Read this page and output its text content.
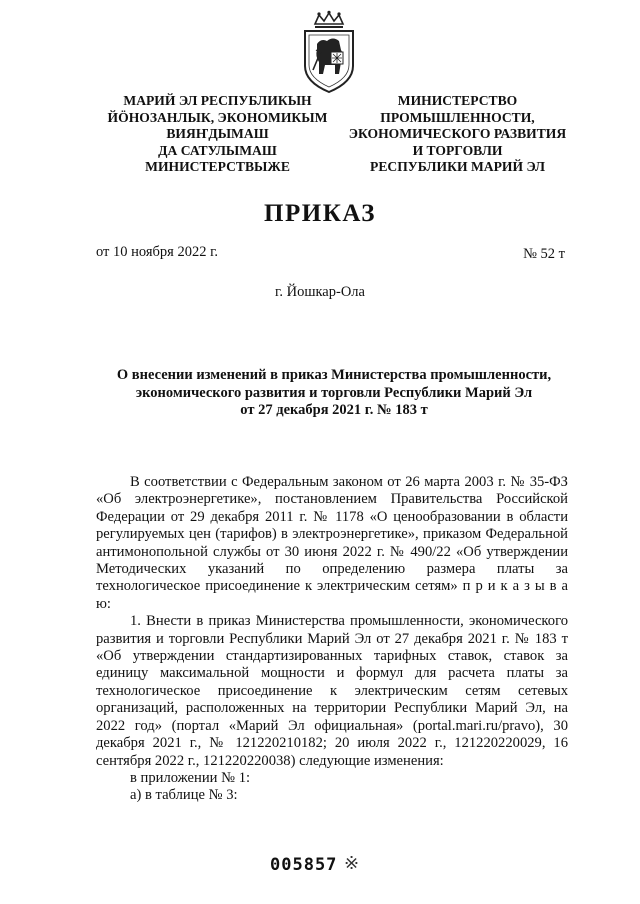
МАРИЙ ЭЛ РЕСПУБЛИКЫН
ЙӦНОЗАНЛЫК, ЭКОНОМИКЫМ
ВИЯҤДЫМАШ
ДА САТУЛЫМАШ
МИНИСТЕРСТВЫЖЕ
МИНИСТЕРСТВО
ПРОМЫШЛЕННОСТИ,
ЭКОНОМИЧЕСКОГО РАЗВИТИЯ
И ТОРГОВЛИ
РЕСПУБЛИКИ МАРИЙ ЭЛ
ПРИКАЗ
от 10 ноября 2022 г.	№ 52 т
г. Йошкар-Ола
О внесении изменений в приказ Министерства промышленности,
экономического развития и торговли Республики Марий Эл
от 27 декабря 2021 г. № 183 т

В соответствии с Федеральным законом от 26 марта 2003 г. № 35-ФЗ «Об электроэнергетике», постановлением Правительства Российской Федерации от 29 декабря 2011 г. № 1178 «О ценообразовании в области регулируемых цен (тарифов) в электроэнергетике», приказом Федеральной антимонопольной службы от 30 июня 2022 г. № 490/22 «Об утверждении Методических указаний по определению размера платы за технологическое присоединение к электрическим сетям» п р и к а з ы в а ю:

1. Внести в приказ Министерства промышленности, экономического развития и торговли Республики Марий Эл от 27 декабря 2021 г. № 183 т «Об утверждении стандартизированных тарифных ставок, ставок за единицу максимальной мощности и формул для расчета платы за технологическое присоединение к электрическим сетям сетевых организаций, расположенных на территории Республики Марий Эл, на 2022 год» (портал «Марий Эл официальная» (portal.mari.ru/pravo), 30 декабря 2021 г., № 121220210182; 20 июля 2022 г., 121220220029, 16 сентября 2022 г., 121220220038) следующие изменения:

в приложении № 1:

а) в таблице № 3:

005857 ※
